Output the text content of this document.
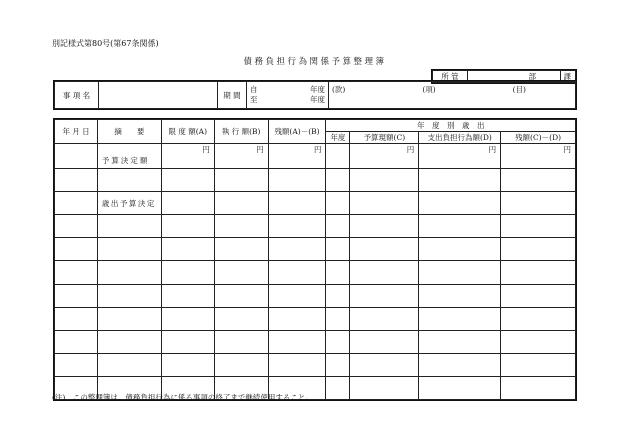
別記様式第80号(第67条関係)
債務負担行為関係予算整理簿
所 管	部	課
事 項 名		期 間	
自	年度
至	年度

(款)	(項)	(目)
年 月 日	摘　　要	限 度 額(A)	執 行 額(B)	残額(A)－(B)	年　度　別　歳　出			
					年度	予算現額(C)	支出負担行為額(D)	残額(C)－(D)
	予算決定額	円	円	円		円	円	円

	歳出予算決定							

(注)　この整理簿は、債務負担行為に係る事項の終了まで継続使用すること。
